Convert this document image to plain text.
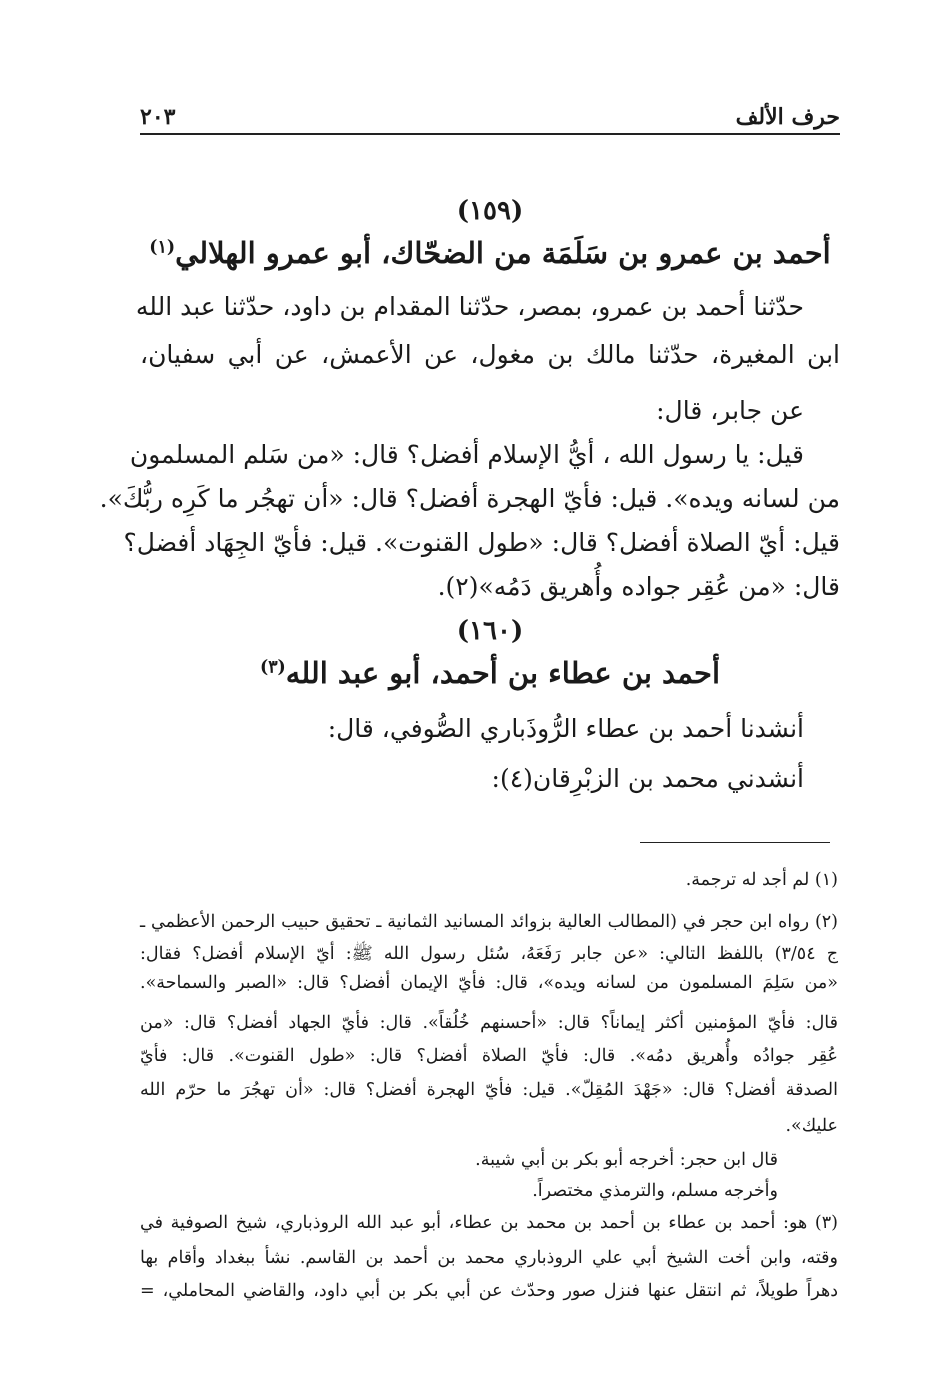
حرف الألف
٢٠٣
(١٥٩)
أحمد بن عمرو بن سَلَمَة من الضحّاك، أبو عمرو الهلالي$^{(١)}$
حدّثنا أحمد بن عمرو، بمصر، حدّثنا المقدام بن داود، حدّثنا عبد الله
ابن المغيرة، حدّثنا مالك بن مغول، عن الأعمش، عن أبي سفيان،
عن جابر، قال:
قيل: يا رسول الله ، أيُّ الإسلام أفضل؟ قال: «من سَلم المسلمون
من لسانه ويده». قيل: فأيّ الهجرة أفضل؟ قال: «أن تهجُر ما كَرِه ربُّكَ».
قيل: أيّ الصلاة أفضل؟ قال: «طول القنوت». قيل: فأيّ الجِهَاد أفضل؟
قال: «من عُقِر جواده وأُهريق دَمُه»(٢).
(١٦٠)
أحمد بن عطاء بن أحمد، أبو عبد الله$^{(٣)}$
أنشدنا أحمد بن عطاء الرُّوذَباري الصُّوفي، قال:
أنشدني محمد بن الزبْرِقان(٤):
(١) لم أجد له ترجمة.
(٢) رواه ابن حجر في (المطالب العالية بزوائد المسانيد الثمانية ـ تحقيق حبيب الرحمن الأعظمي ـ
ج ٣/٥٤) باللفظ التالي: «عن جابر رَفَعَهُ، سُئل رسول الله ﷺ: أيّ الإسلام أفضل؟ فقال:
«من سَلِمَ المسلمون من لسانه ويده»، قال: فأيّ الإيمان أفضل؟ قال: «الصبر والسماحة».
قال: فأيّ المؤمنين أكثر إيماناً؟ قال: «أحسنهم خُلُقاً». قال: فأيّ الجهاد أفضل؟ قال: «من
عُقِر جوادُه وأُهريق دمُه». قال: فأيّ الصلاة أفضل؟ قال: «طول القنوت». قال: فأيّ
الصدقة أفضل؟ قال: «جَهْدَ المُقِلّ». قيل: فأيّ الهجرة أفضل؟ قال: «أن تهجُرَ ما حرّم الله
عليك».
قال ابن حجر: أخرجه أبو بكر بن أبي شيبة.
وأخرجه مسلم، والترمذي مختصراً.
(٣) هو: أحمد بن عطاء بن أحمد بن محمد بن عطاء، أبو عبد الله الروذباري، شيخ الصوفية في
وقته، وابن أخت الشيخ أبي علي الروذباري محمد بن أحمد بن القاسم. نشأ ببغداد وأقام بها
دهراً طويلاً، ثم انتقل عنها فنزل صور وحدّث عن أبي بكر بن أبي داود، والقاضي المحاملي، =
